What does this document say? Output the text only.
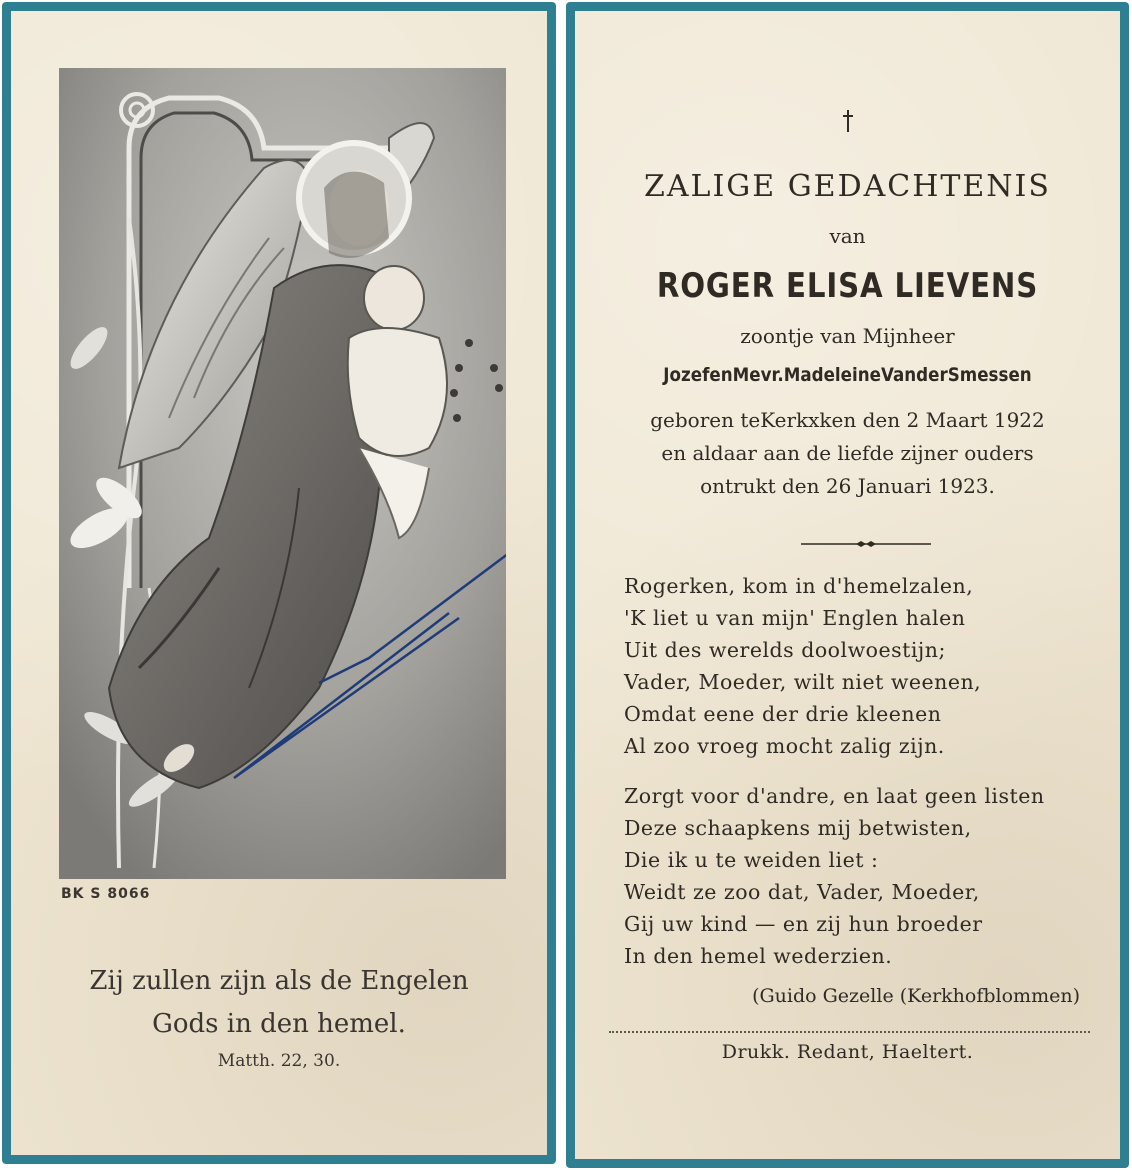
BK S 8066
Zij zullen zijn als de Engelen
Gods in den hemel.
Matth. 22, 30.
ZALIGE GEDACHTENIS
van
ROGER ELISA LIEVENS
zoontje van Mijnheer
JozefenMevr.MadeleineVanderSmessen
geboren teKerkxken den 2 Maart 1922
en aldaar aan de liefde zijner ouders
ontrukt den 26 Januari 1923.
Rogerken, kom in d'hemelzalen,
'K liet u van mijn' Englen halen
Uit des werelds doolwoestijn;
Vader, Moeder, wilt niet weenen,
Omdat eene der drie kleenen
Al zoo vroeg mocht zalig zijn.
Zorgt voor d'andre, en laat geen listen
Deze schaapkens mij betwisten,
Die ik u te weiden liet :
Weidt ze zoo dat, Vader, Moeder,
Gij uw kind — en zij hun broeder
In den hemel wederzien.
(Guido Gezelle (Kerkhofblommen)
Drukk. Redant, Haeltert.
